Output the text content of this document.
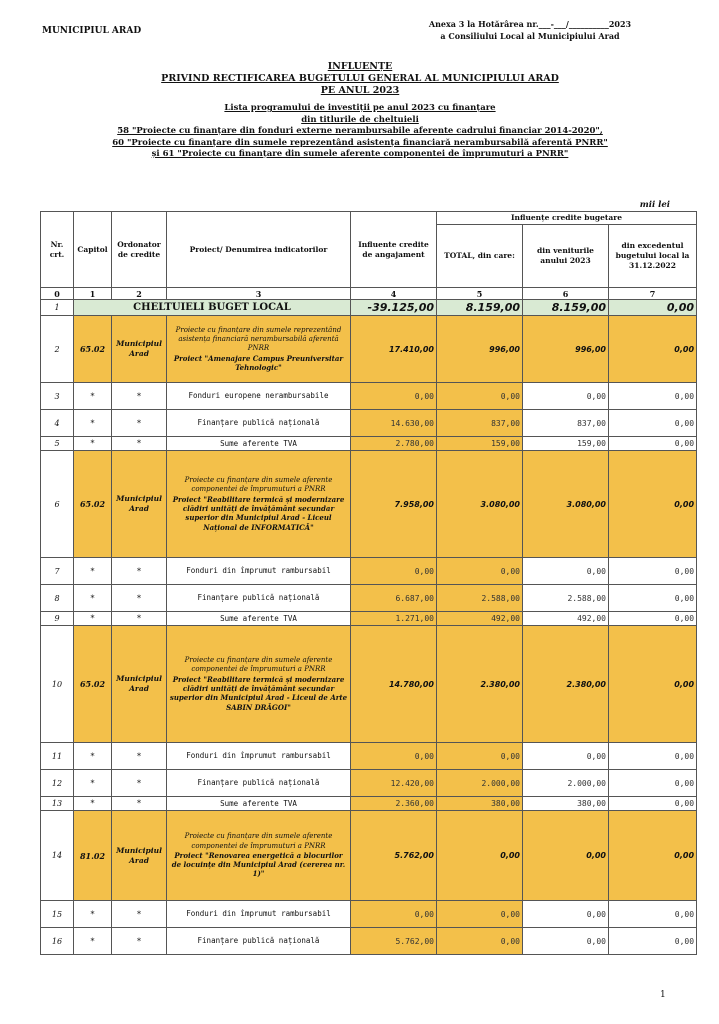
MUNICIPIUL ARAD
Anexa 3 la Hotărârea nr.___-___/__________2023
a Consiliului Local al Municipiului Arad
INFLUENȚE
PRIVIND RECTIFICAREA BUGETULUI GENERAL AL MUNICIPIULUI ARAD
PE ANUL 2023
Lista programului de investiții pe anul 2023 cu finanțare
din titlurile de cheltuieli
58 "Proiecte cu finanțare din fonduri externe nerambursabile aferente cadrului financiar 2014-2020",
60 "Proiecte cu finanțare din sumele reprezentând asistența financiară nerambursabilă aferentă PNRR"
și 61 "Proiecte cu finanțare din sumele aferente componentei de împrumuturi a PNRR"
mii lei
Nr. crt.	Capitol	Ordonator de credite	Proiect/ Denumirea indicatorilor	Influente credite de angajament	Influențe credite bugetare		
					TOTAL, din care:	din veniturile anului 2023	din excedentul bugetului local la 31.12.2022
0	1	2	3	4	5	6	7
1	CHELTUIELI BUGET LOCAL			-39.125,00	8.159,00	8.159,00	0,00
2	65.02	Municipiul Arad	Proiecte cu finanțare din sumele reprezentând asistența financiară nerambursabilă aferentă PNRR
Proiect "Amenajare Campus Preuniversitar Tehnologic"	17.410,00	996,00	996,00	0,00
3	*	*	Fonduri europene nerambursabile	0,00	0,00	0,00	0,00
4	*	*	Finanțare publică națională	14.630,00	837,00	837,00	0,00
5	*	*	Sume aferente TVA	2.780,00	159,00	159,00	0,00
6	65.02	Municipiul Arad	Proiecte cu finanțare din sumele aferente componentei de împrumuturi a PNRR
Proiect "Reabilitare termică și modernizare clădiri unități de învățământ secundar superior din Municipiul Arad - Liceul Național de INFORMATICĂ"	7.958,00	3.080,00	3.080,00	0,00
7	*	*	Fonduri din împrumut rambursabil	0,00	0,00	0,00	0,00
8	*	*	Finanțare publică națională	6.687,00	2.588,00	2.588,00	0,00
9	*	*	Sume aferente TVA	1.271,00	492,00	492,00	0,00
10	65.02	Municipiul Arad	Proiecte cu finanțare din sumele aferente componentei de împrumuturi a PNRR
Proiect "Reabilitare termică și modernizare clădiri unități de învățământ secundar superior din Municipiul Arad - Liceul de Arte SABIN DRĂGOI"	14.780,00	2.380,00	2.380,00	0,00
11	*	*	Fonduri din împrumut rambursabil	0,00	0,00	0,00	0,00
12	*	*	Finanțare publică națională	12.420,00	2.000,00	2.000,00	0,00
13	*	*	Sume aferente TVA	2.360,00	380,00	380,00	0,00
14	81.02	Municipiul Arad	Proiecte cu finanțare din sumele aferente componentei de împrumuturi a PNRR
Proiect "Renovarea energetică a blocurilor de locuințe din Municipiul Arad (cererea nr. 1)"	5.762,00	0,00	0,00	0,00
15	*	*	Fonduri din împrumut rambursabil	0,00	0,00	0,00	0,00
16	*	*	Finanțare publică națională	5.762,00	0,00	0,00	0,00
1
